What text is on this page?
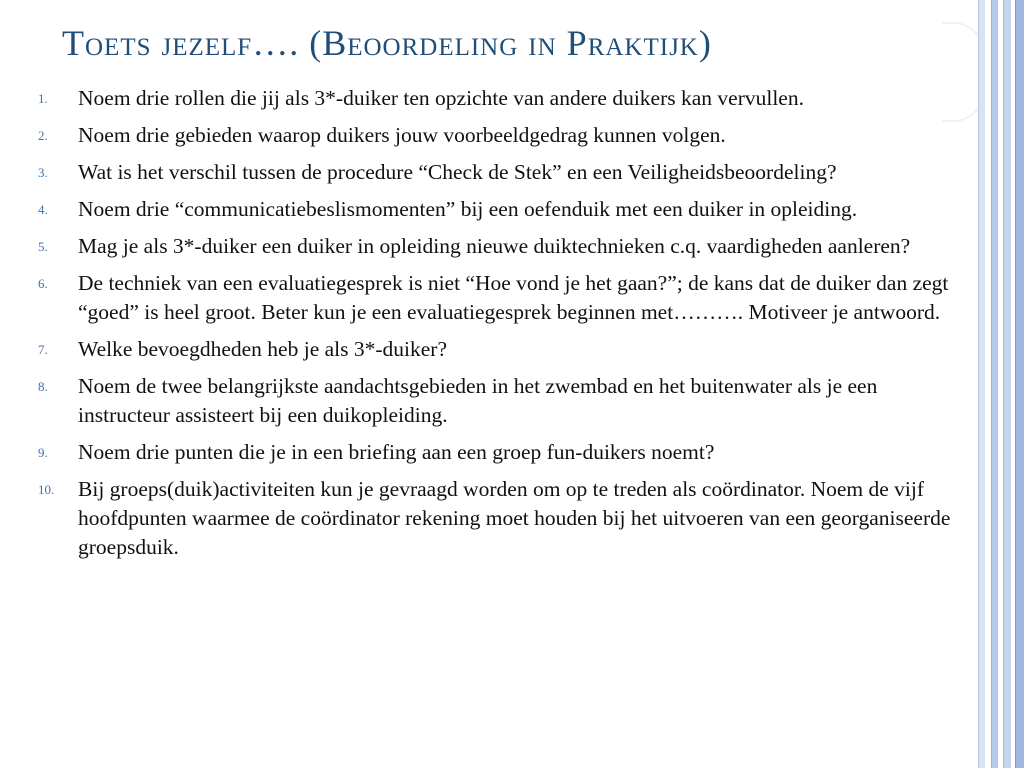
Toets jezelf…. (Beoordeling in Praktijk)
1.	Noem drie rollen die jij als 3*-duiker ten opzichte van andere duikers kan vervullen.
2.	Noem drie gebieden waarop duikers jouw voorbeeldgedrag kunnen volgen.
3.	Wat is het verschil tussen de procedure “Check de Stek” en een Veiligheidsbeoordeling?
4.	Noem drie “communicatiebeslismomenten” bij een oefenduik met een duiker in opleiding.
5.	Mag je als 3*-duiker een duiker in opleiding nieuwe duiktechnieken c.q. vaardigheden aanleren?
6.	De techniek van een evaluatiegesprek is niet “Hoe vond je het gaan?”; de kans dat de duiker dan zegt “goed” is heel groot. Beter kun je een evaluatiegesprek beginnen met………. Motiveer je antwoord.
7.	Welke bevoegdheden heb je als 3*-duiker?
8.	Noem de twee belangrijkste aandachtsgebieden in het zwembad en het buitenwater als je een instructeur assisteert bij een duikopleiding.
9.	Noem drie punten die je in een briefing aan een groep fun-duikers noemt?
10.	Bij groeps(duik)activiteiten kun je gevraagd worden om op te treden als coördinator. Noem de vijf hoofdpunten waarmee de coördinator rekening moet houden bij het uitvoeren van een georganiseerde groepsduik.
